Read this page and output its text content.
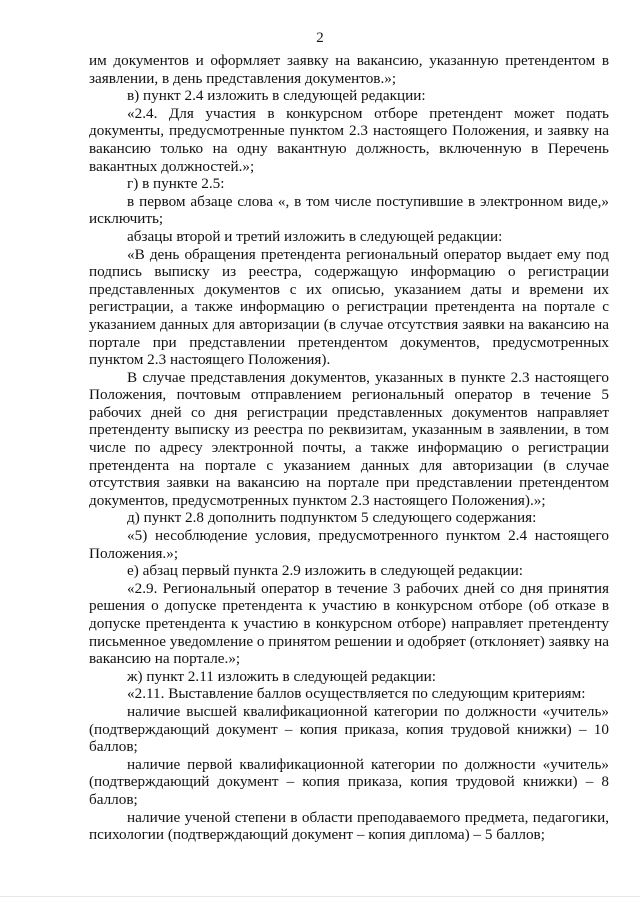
2

им документов и оформляет заявку на вакансию, указанную претендентом в заявлении, в день представления документов.»;

в) пункт 2.4 изложить в следующей редакции:

«2.4. Для участия в конкурсном отборе претендент может подать документы, предусмотренные пунктом 2.3 настоящего Положения, и заявку на вакансию только на одну вакантную должность, включенную в Перечень вакантных должностей.»;

г) в пункте 2.5:

в первом абзаце слова «, в том числе поступившие в электронном виде,» исключить;

абзацы второй и третий изложить в следующей редакции:

«В день обращения претендента региональный оператор выдает ему под подпись выписку из реестра, содержащую информацию о регистрации представленных документов с их описью, указанием даты и времени их регистрации, а также информацию о регистрации претендента на портале с указанием данных для авторизации (в случае отсутствия заявки на вакансию на портале при представлении претендентом документов, предусмотренных пунктом 2.3 настоящего Положения).

В случае представления документов, указанных в пункте 2.3 настоящего Положения, почтовым отправлением региональный оператор в течение 5 рабочих дней со дня регистрации представленных документов направляет претенденту выписку из реестра по реквизитам, указанным в заявлении, в том числе по адресу электронной почты, а также информацию о регистрации претендента на портале с указанием данных для авторизации (в случае отсутствия заявки на вакансию на портале при представлении претендентом документов, предусмотренных пунктом 2.3 настоящего Положения).»;

д) пункт 2.8 дополнить подпунктом 5 следующего содержания:

«5) несоблюдение условия, предусмотренного пунктом 2.4 настоящего Положения.»;

е) абзац первый пункта 2.9 изложить в следующей редакции:

«2.9. Региональный оператор в течение 3 рабочих дней со дня принятия решения о допуске претендента к участию в конкурсном отборе (об отказе в допуске претендента к участию в конкурсном отборе) направляет претенденту письменное уведомление о принятом решении и одобряет (отклоняет) заявку на вакансию на портале.»;

ж) пункт 2.11 изложить в следующей редакции:

«2.11. Выставление баллов осуществляется по следующим критериям:

наличие высшей квалификационной категории по должности «учитель» (подтверждающий документ – копия приказа, копия трудовой книжки) – 10 баллов;

наличие первой квалификационной категории по должности «учитель» (подтверждающий документ – копия приказа, копия трудовой книжки) – 8 баллов;

наличие ученой степени в области преподаваемого предмета, педагогики, психологии (подтверждающий документ – копия диплома) – 5 баллов;
